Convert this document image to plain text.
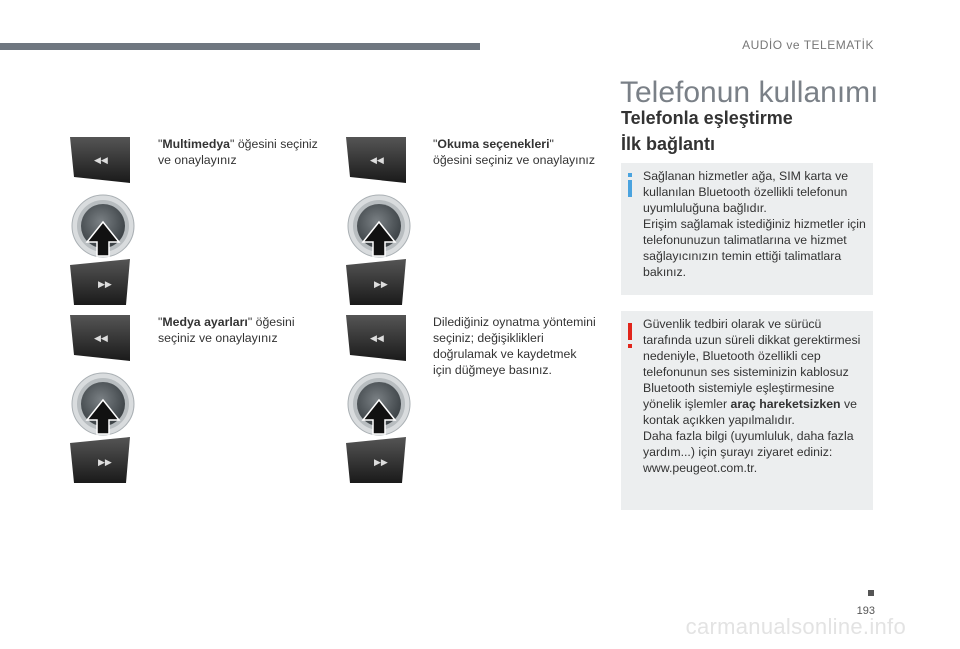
AUDİO ve TELEMATİK
Telefonun kullanımı
Telefonla eşleştirme
İlk bağlantı
Sağlanan hizmetler ağa, SIM karta ve kullanılan Bluetooth özellikli telefonun uyumluluğuna bağlıdır.
Erişim sağlamak istediğiniz hizmetler için telefonunuzun talimatlarına ve hizmet sağlayıcınızın temin ettiği talimatlara bakınız.
Güvenlik tedbiri olarak ve sürücü tarafında uzun süreli dikkat gerektirmesi nedeniyle, Bluetooth özellikli cep telefonunun ses sisteminizin kablosuz Bluetooth sistemiyle eşleştirmesine yönelik işlemler araç hareketsizken ve kontak açıkken yapılmalıdır.
Daha fazla bilgi (uyumluluk, daha fazla yardım...) için şurayı ziyaret ediniz: www.peugeot.com.tr.
◀◀
▶▶
◀◀
▶▶
◀◀
▶▶
◀◀
▶▶
"Multimedya" öğesini seçiniz
ve onaylayınız
"Okuma seçenekleri"
öğesini seçiniz ve onaylayınız
"Medya ayarları" öğesini
seçiniz ve onaylayınız
Dilediğiniz oynatma yöntemini
seçiniz; değişiklikleri
doğrulamak ve kaydetmek
için düğmeye basınız.
193
carmanualsonline.info
